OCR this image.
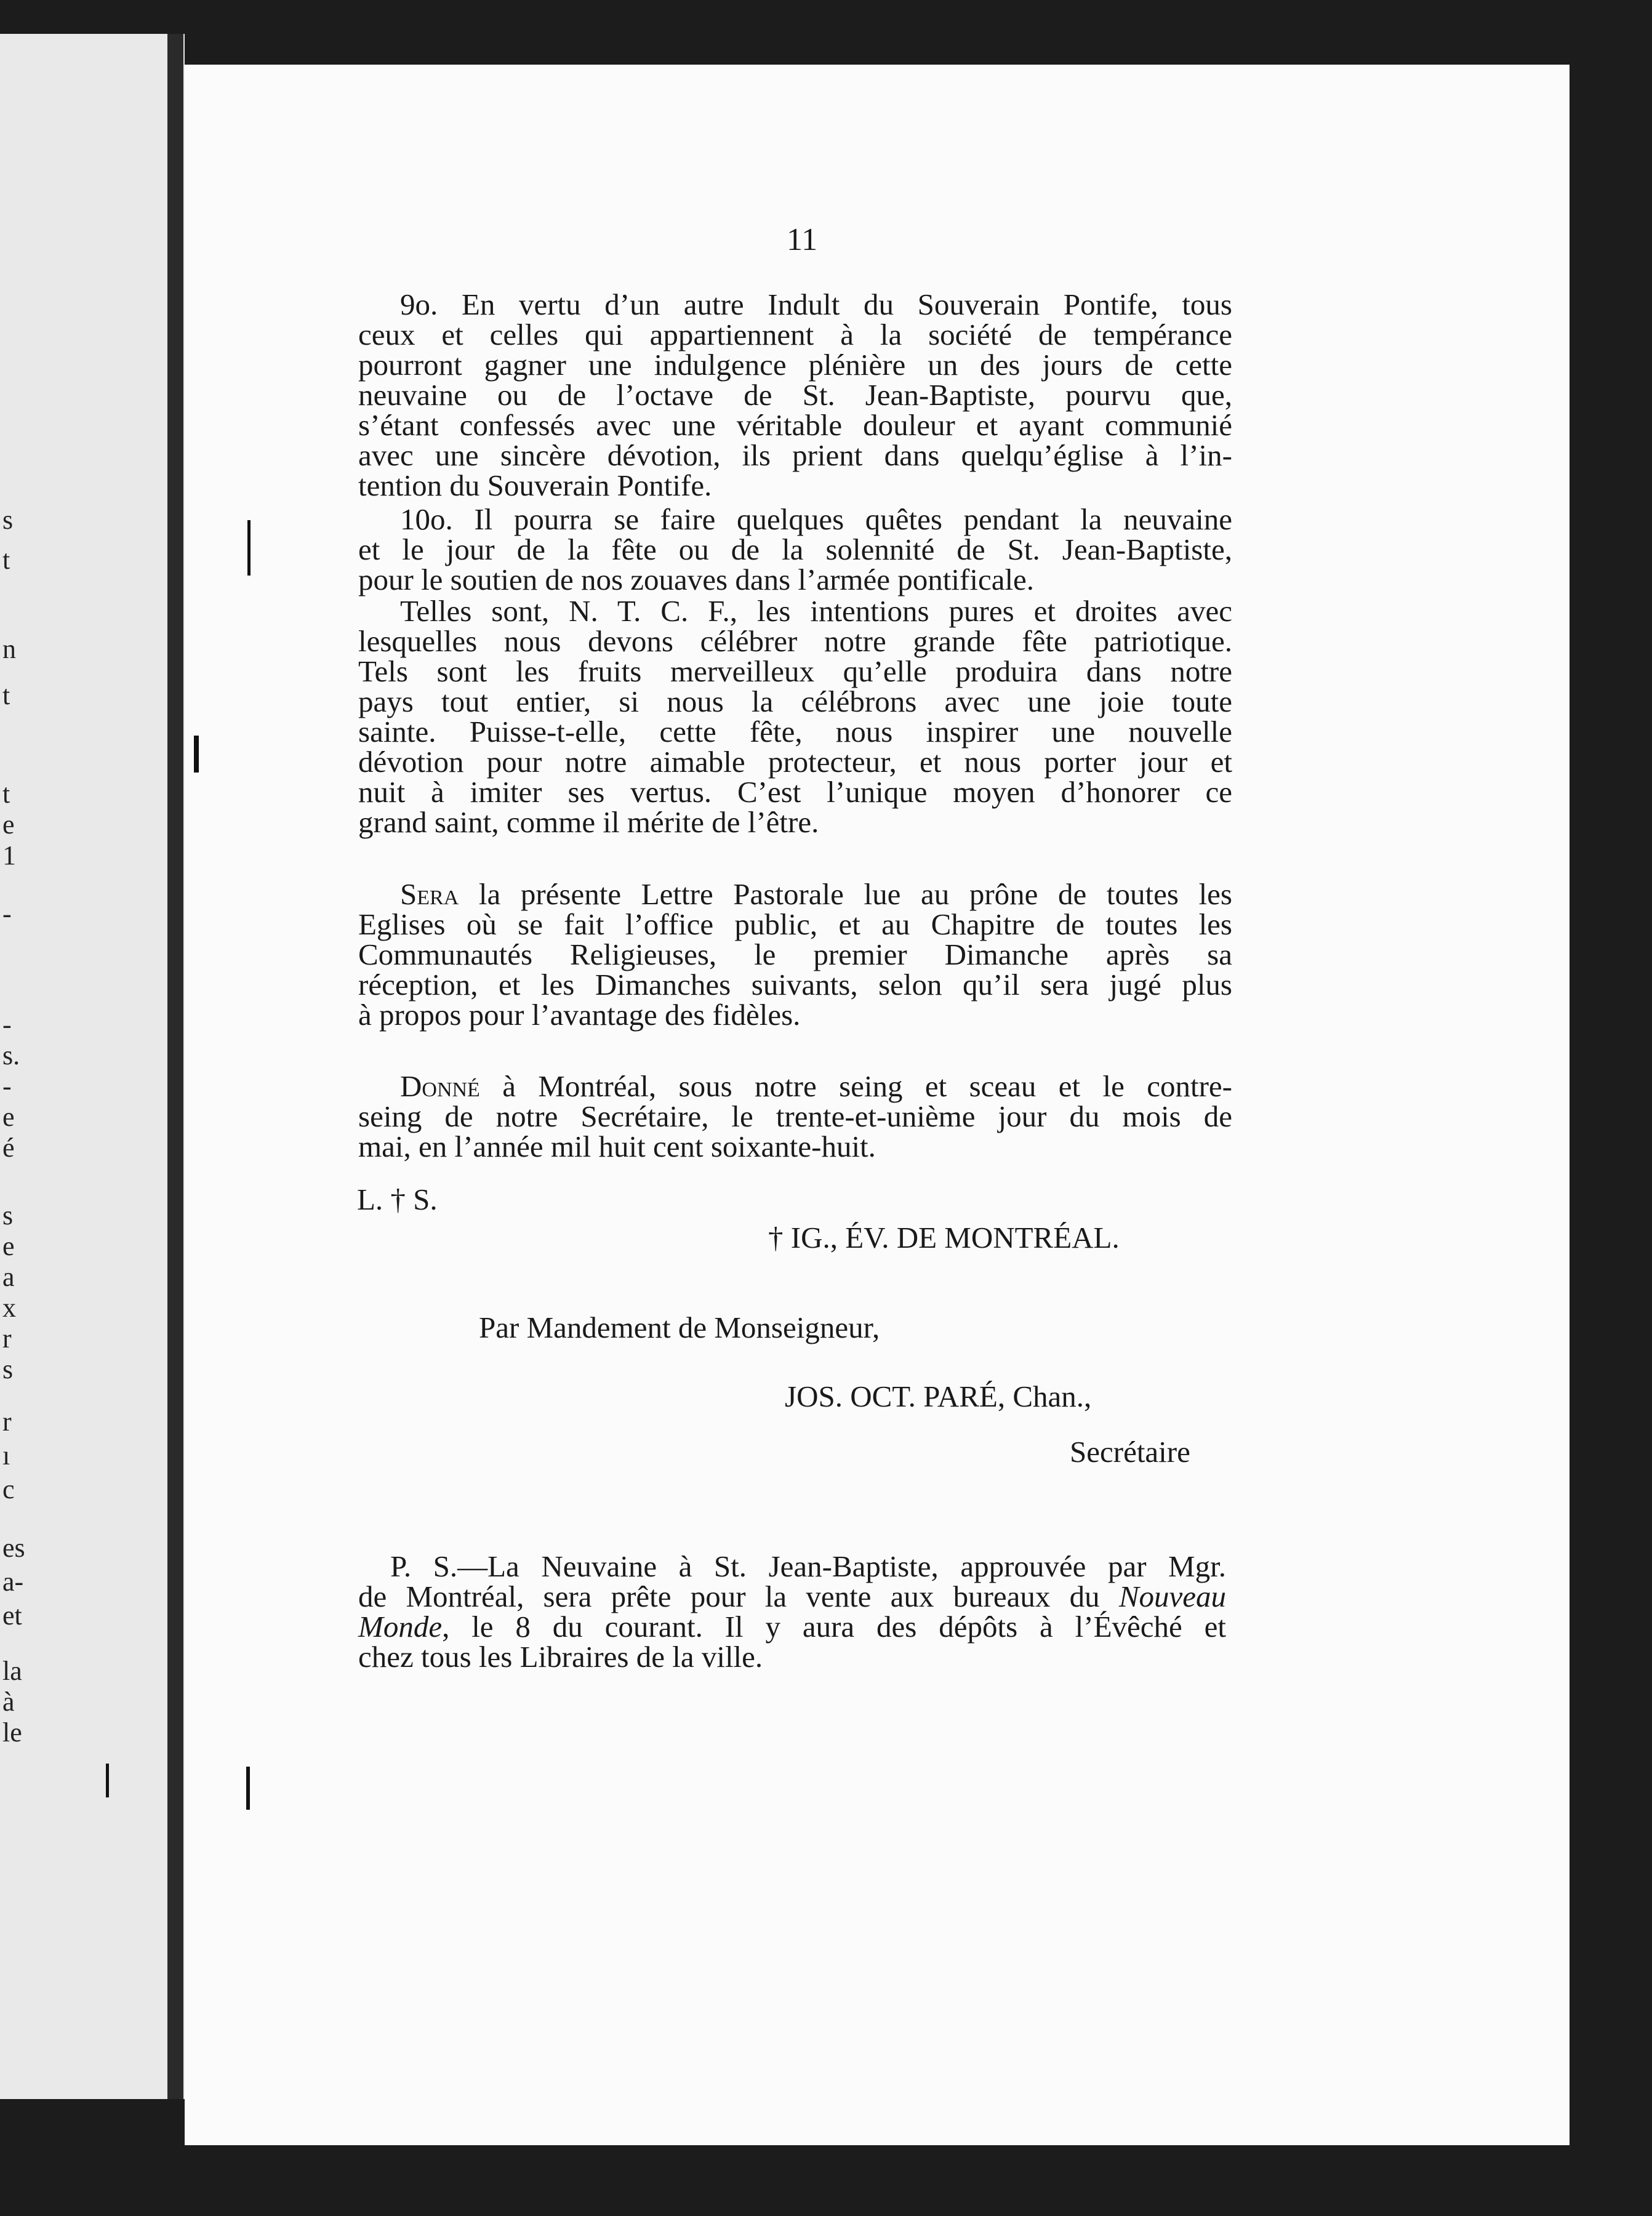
s
t
n
t
t
e
1
-
-
s.
-
e
é
s
e
a
x
r
s
r
ı
c
es
a-
et
la
à
le
11
9o. En vertu d’un autre Indult du Souverain Pontife, tous
ceux et celles qui appartiennent à la société de tempérance
pourront gagner une indulgence plénière un des jours de cette
neuvaine ou de l’octave de St. Jean-Baptiste, pourvu que,
s’étant confessés avec une véritable douleur et ayant communié
avec une sincère dévotion, ils prient dans quelqu’église à l’in-
tention du Souverain Pontife.
10o. Il pourra se faire quelques quêtes pendant la neuvaine
et le jour de la fête ou de la solennité de St. Jean-Baptiste,
pour le soutien de nos zouaves dans l’armée pontificale.
Telles sont, N. T. C. F., les intentions pures et droites avec
lesquelles nous devons célébrer notre grande fête patriotique.
Tels sont les fruits merveilleux qu’elle produira dans notre
pays tout entier, si nous la célébrons avec une joie toute
sainte. Puisse-t-elle, cette fête, nous inspirer une nouvelle
dévotion pour notre aimable protecteur, et nous porter jour et
nuit à imiter ses vertus. C’est l’unique moyen d’honorer ce
grand saint, comme il mérite de l’être.
Sera la présente Lettre Pastorale lue au prône de toutes les
Eglises où se fait l’office public, et au Chapitre de toutes les
Communautés Religieuses, le premier Dimanche après sa
réception, et les Dimanches suivants, selon qu’il sera jugé plus
à propos pour l’avantage des fidèles.
Donné à Montréal, sous notre seing et sceau et le contre-
seing de notre Secrétaire, le trente-et-unième jour du mois de
mai, en l’année mil huit cent soixante-huit.
L. † S.
† IG., ÉV. DE MONTRÉAL.
Par Mandement de Monseigneur,
JOS. OCT. PARÉ, Chan.,
Secrétaire
P. S.—La Neuvaine à St. Jean-Baptiste, approuvée par Mgr.
de Montréal, sera prête pour la vente aux bureaux du Nouveau
Monde, le 8 du courant. Il y aura des dépôts à l’Évêché et
chez tous les Libraires de la ville.
